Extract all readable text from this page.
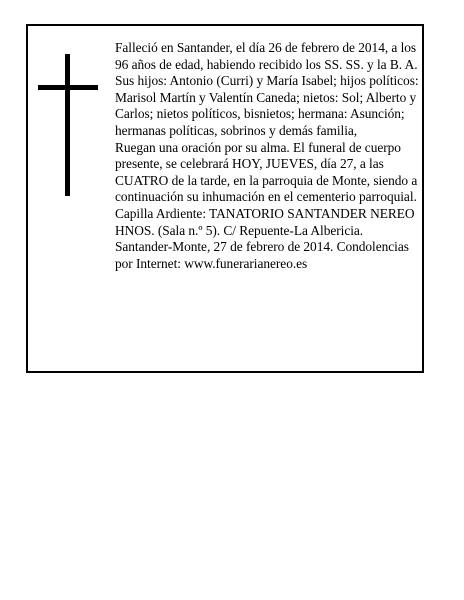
Falleció en Santander, el día 26 de febrero de 2014, a los 96 años de edad, habiendo recibido los SS. SS. y la B. A.

Sus hijos: Antonio (Curri) y María Isabel; hijos políticos: Marisol Martín y Valentín Caneda; nietos: Sol; Alberto y Carlos; nietos políticos, bisnietos; hermana: Asunción; hermanas políticas, sobrinos y demás familia,

Ruegan una oración por su alma. El funeral de cuerpo presente, se celebrará HOY, JUEVES, día 27, a las CUATRO de la tarde, en la parroquia de Monte, siendo a continuación su inhumación en el cementerio parroquial. Capilla Ardiente: TANATORIO SANTANDER NEREO HNOS. (Sala n.º 5). C/ Repuente-La Albericia.

Santander-Monte, 27 de febrero de 2014. Condolencias por Internet: www.funerarianereo.es
